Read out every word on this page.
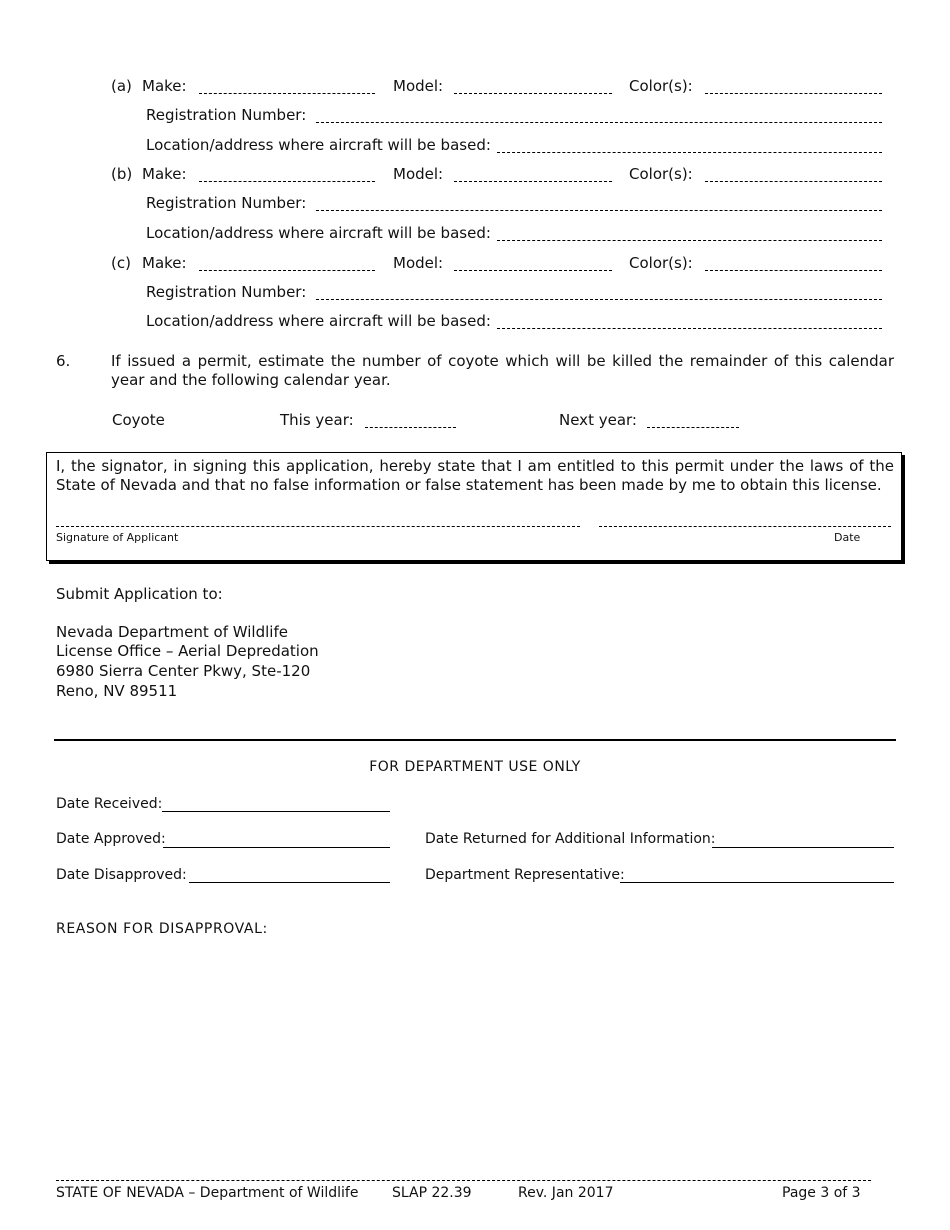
(a) Make:	Model:	Color(s):
Registration Number:
Location/address where aircraft will be based:
(b) Make:	Model:	Color(s):
Registration Number:
Location/address where aircraft will be based:
(c) Make:	Model:	Color(s):
Registration Number:
Location/address where aircraft will be based:
6.	If issued a permit, estimate the number of coyote which will be killed the remainder of this calendar year and the following calendar year.
Coyote	This year:	Next year:
I, the signator, in signing this application, hereby state that I am entitled to this permit under the laws of the State of Nevada and that no false information or false statement has been made by me to obtain this license.
Signature of Applicant	Date
Submit Application to:
Nevada Department of Wildlife
License Office – Aerial Depredation
6980 Sierra Center Pkwy, Ste-120
Reno, NV 89511
FOR DEPARTMENT USE ONLY
Date Received:
Date Approved:	Date Returned for Additional Information:
Date Disapproved:	Department Representative:
REASON FOR DISAPPROVAL:
STATE OF NEVADA – Department of Wildlife SLAP 22.39	Rev. Jan 2017	Page 3 of 3
